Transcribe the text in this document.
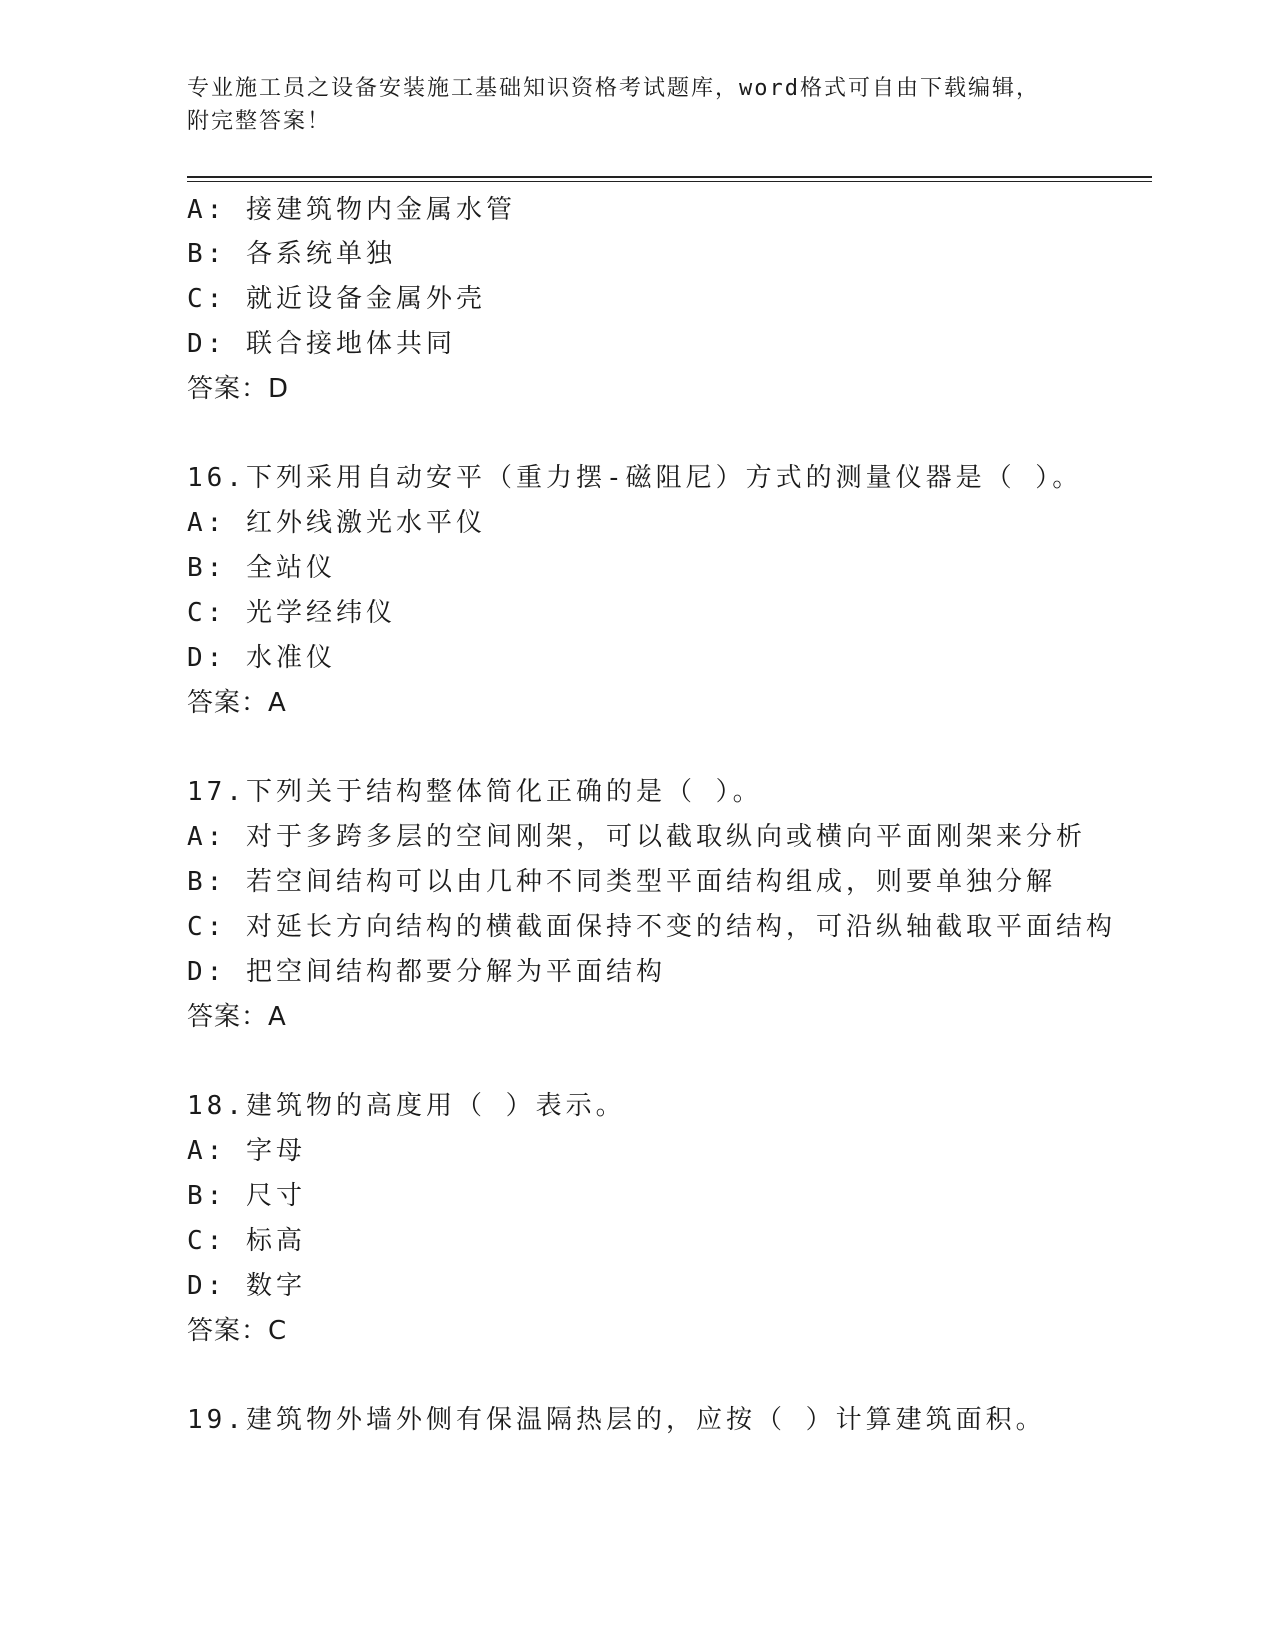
专业施工员之设备安装施工基础知识资格考试题库，word格式可自由下载编辑，
附完整答案！
A: 接建筑物内金属水管
B: 各系统单独
C: 就近设备金属外壳
D: 联合接地体共同
答案：D
16.下列采用自动安平（重力摆-磁阻尼）方式的测量仪器是（ ）。
A: 红外线激光水平仪
B: 全站仪
C: 光学经纬仪
D: 水准仪
答案：A
17.下列关于结构整体简化正确的是（ ）。
A: 对于多跨多层的空间刚架，可以截取纵向或横向平面刚架来分析
B: 若空间结构可以由几种不同类型平面结构组成，则要单独分解
C: 对延长方向结构的横截面保持不变的结构，可沿纵轴截取平面结构
D: 把空间结构都要分解为平面结构
答案：A
18.建筑物的高度用（ ）表示。
A: 字母
B: 尺寸
C: 标高
D: 数字
答案：C
19.建筑物外墙外侧有保温隔热层的，应按（ ）计算建筑面积。
